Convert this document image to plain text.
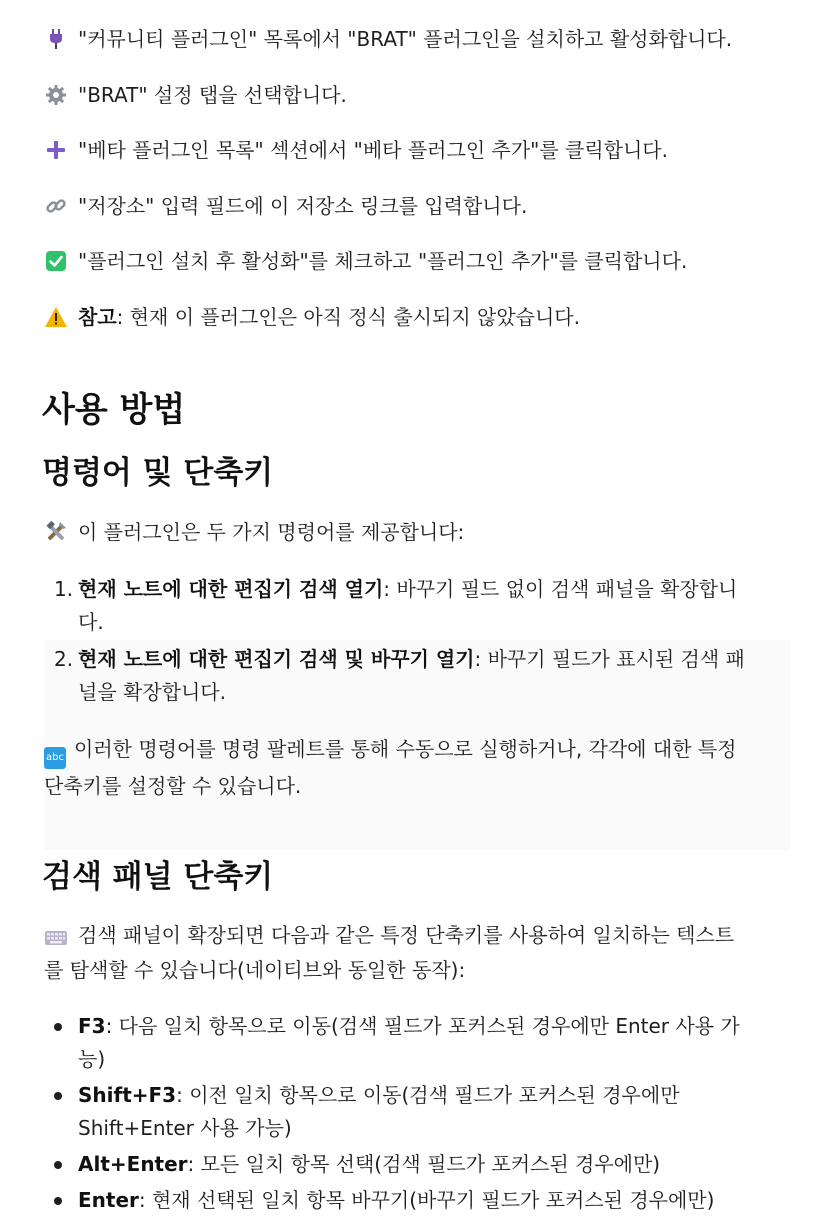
"커뮤니티 플러그인" 목록에서 "BRAT" 플러그인을 설치하고 활성화합니다.
"BRAT" 설정 탭을 선택합니다.
"베타 플러그인 목록" 섹션에서 "베타 플러그인 추가"를 클릭합니다.
"저장소" 입력 필드에 이 저장소 링크를 입력합니다.
"플러그인 설치 후 활성화"를 체크하고 "플러그인 추가"를 클릭합니다.
참고 : 현재 이 플러그인은 아직 정식 출시되지 않았습니다.
사용 방법
명령어 및 단축키
이 플러그인은 두 가지 명령어를 제공합니다:
1. 현재 노트에 대한 편집기 검색 열기: 바꾸기 필드 없이 검색 패널을 확장합니
다.
2. 현재 노트에 대한 편집기 검색 및 바꾸기 열기: 바꾸기 필드가 표시된 검색 패
널을 확장합니다.
abc 이러한 명령어를 명령 팔레트를 통해 수동으로 실행하거나, 각각에 대한 특정
단축키를 설정할 수 있습니다.
검색 패널 단축키
검색 패널이 확장되면 다음과 같은 특정 단축키를 사용하여 일치하는 텍스트
를 탐색할 수 있습니다(네이티브와 동일한 동작):
F3: 다음 일치 항목으로 이동(검색 필드가 포커스된 경우에만 Enter 사용 가
능)
Shift+F3: 이전 일치 항목으로 이동(검색 필드가 포커스된 경우에만
Shift+Enter 사용 가능)
Alt+Enter: 모든 일치 항목 선택(검색 필드가 포커스된 경우에만)
Enter: 현재 선택된 일치 항목 바꾸기(바꾸기 필드가 포커스된 경우에만)
